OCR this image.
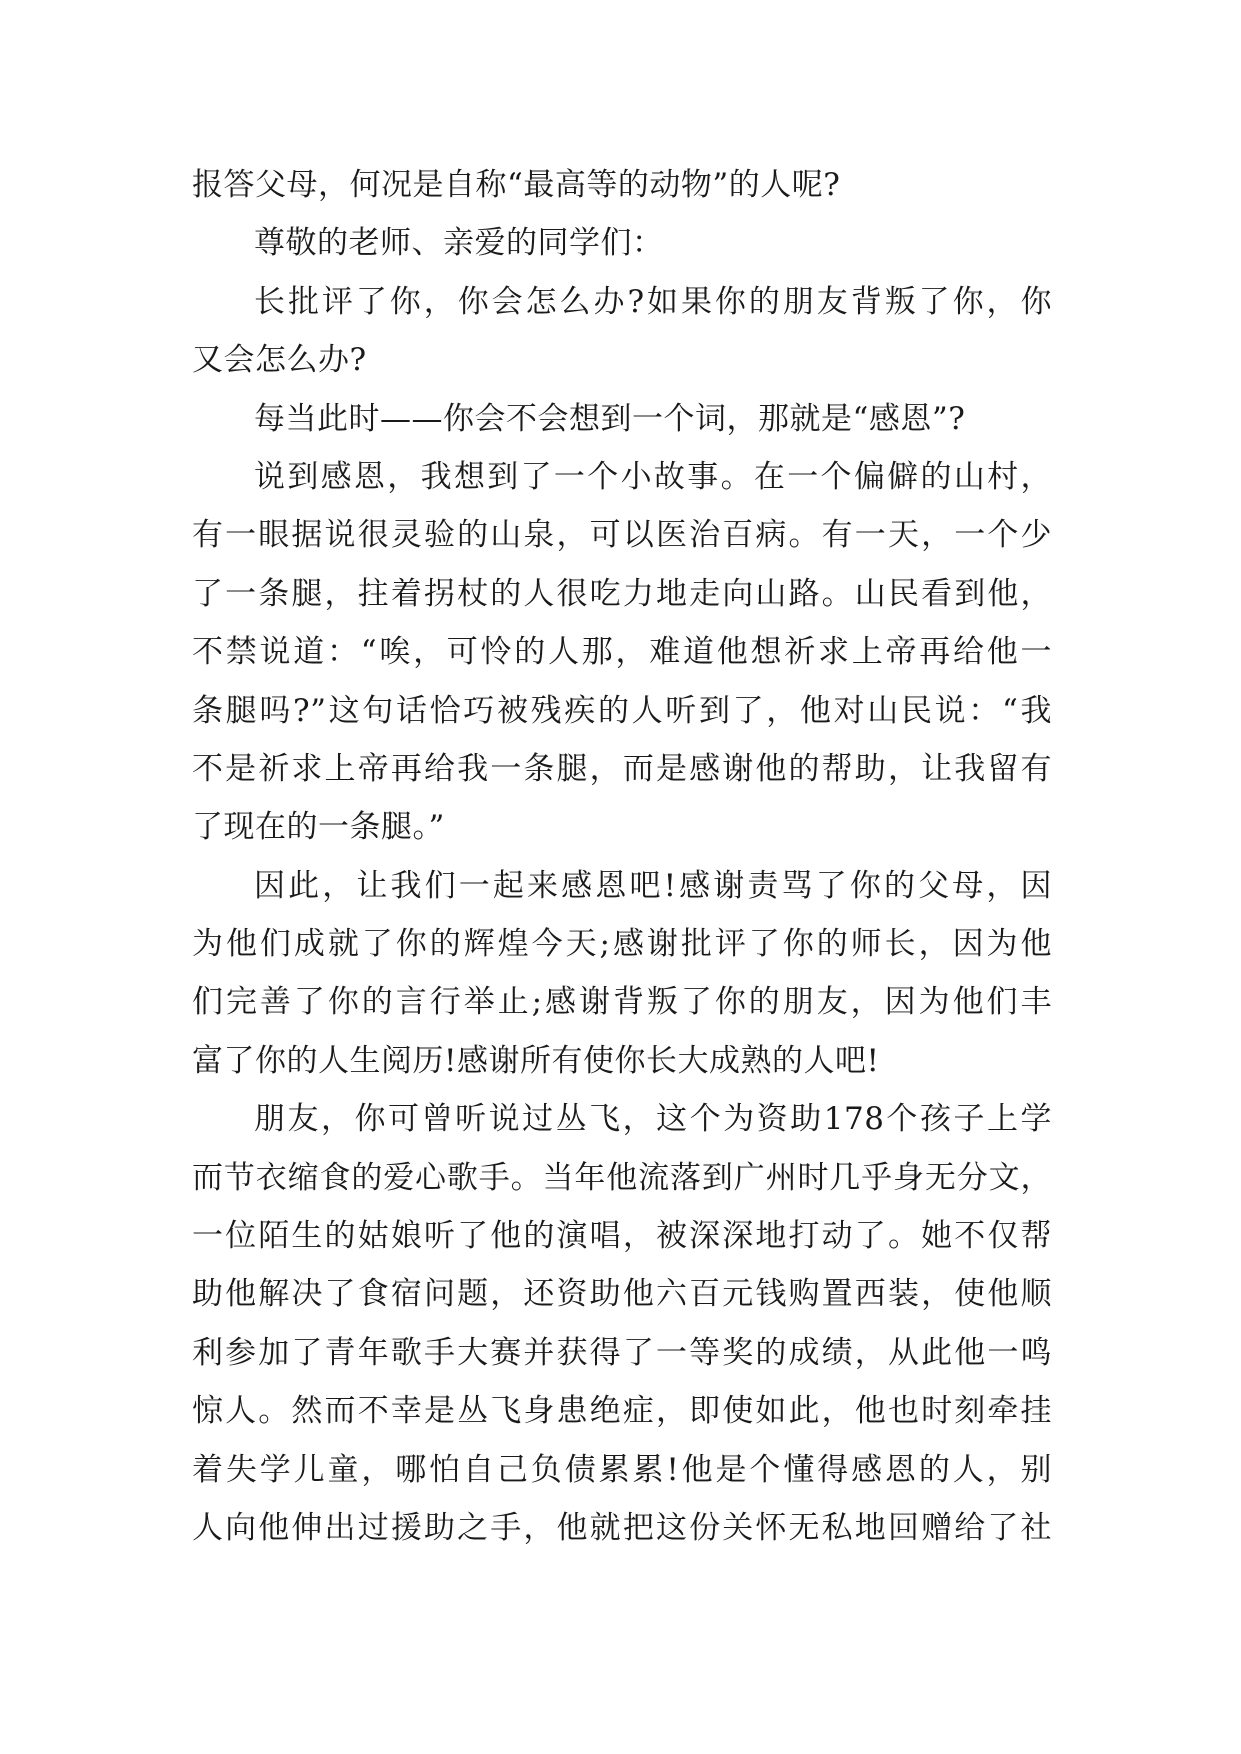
报答父母，何况是自称“最高等的动物”的人呢?
尊敬的老师、亲爱的同学们：
长批评了你，你会怎么办?如果你的朋友背叛了你，你
又会怎么办?
每当此时——你会不会想到一个词，那就是“感恩”?
说到感恩，我想到了一个小故事。在一个偏僻的山村，
有一眼据说很灵验的山泉，可以医治百病。有一天，一个少
了一条腿，拄着拐杖的人很吃力地走向山路。山民看到他，
不禁说道：“唉，可怜的人那，难道他想祈求上帝再给他一
条腿吗?”这句话恰巧被残疾的人听到了，他对山民说：“我
不是祈求上帝再给我一条腿，而是感谢他的帮助，让我留有
了现在的一条腿。”
因此，让我们一起来感恩吧!感谢责骂了你的父母，因
为他们成就了你的辉煌今天;感谢批评了你的师长，因为他
们完善了你的言行举止;感谢背叛了你的朋友，因为他们丰
富了你的人生阅历!感谢所有使你长大成熟的人吧!
朋友，你可曾听说过丛飞，这个为资助178个孩子上学
而节衣缩食的爱心歌手。当年他流落到广州时几乎身无分文，
一位陌生的姑娘听了他的演唱，被深深地打动了。她不仅帮
助他解决了食宿问题，还资助他六百元钱购置西装，使他顺
利参加了青年歌手大赛并获得了一等奖的成绩，从此他一鸣
惊人。然而不幸是丛飞身患绝症，即使如此，他也时刻牵挂
着失学儿童，哪怕自己负债累累!他是个懂得感恩的人，别
人向他伸出过援助之手，他就把这份关怀无私地回赠给了社
